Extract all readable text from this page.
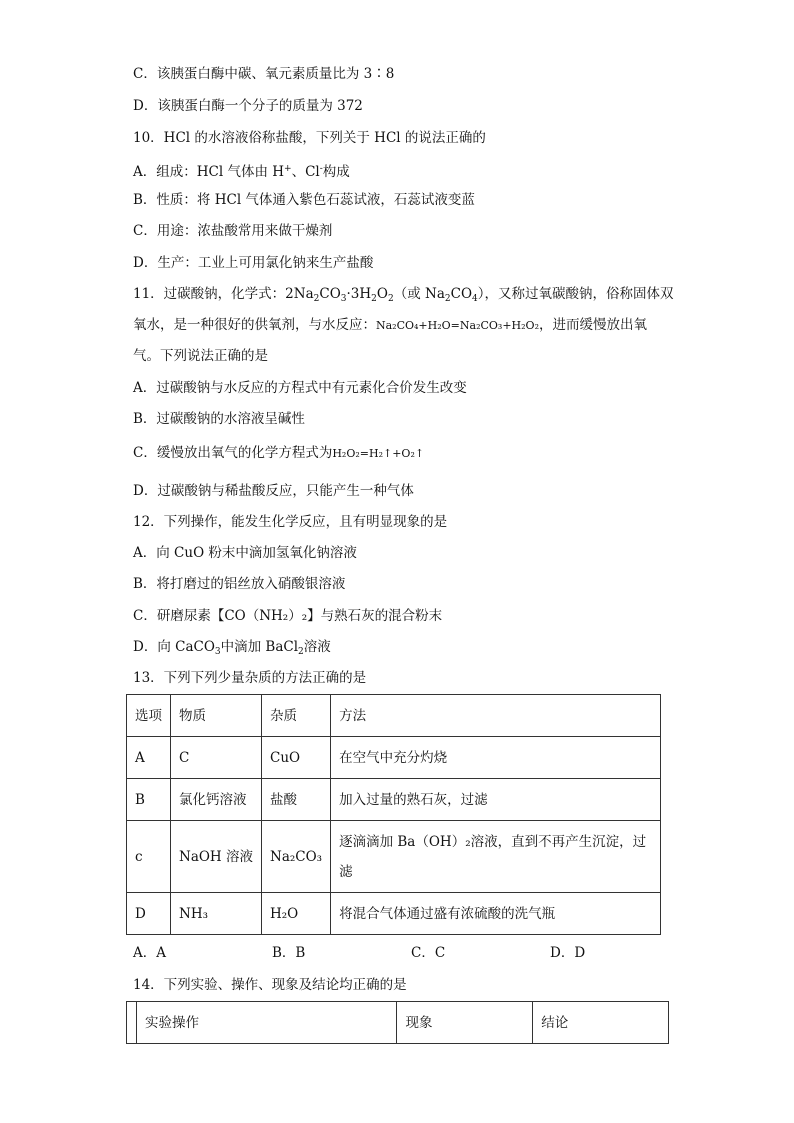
C．该胰蛋白酶中碳、氧元素质量比为 3∶8
D．该胰蛋白酶一个分子的质量为 372
10．HCl 的水溶液俗称盐酸，下列关于 HCl 的说法正确的
A．组成：HCl 气体由 H+、Cl-构成
B．性质：将 HCl 气体通入紫色石蕊试液，石蕊试液变蓝
C．用途：浓盐酸常用来做干燥剂
D．生产：工业上可用氯化钠来生产盐酸
11．过碳酸钠，化学式：$2Na_2CO_3\cdot 3H_2O_2$（或 $Na_2CO_4$），又称过氧碳酸钠，俗称固体双
氧水，是一种很好的供氧剂，与水反应：Na₂CO₄+H₂O=Na₂CO₃+H₂O₂，进而缓慢放出氧
气。下列说法正确的是
A．过碳酸钠与水反应的方程式中有元素化合价发生改变
B．过碳酸钠的水溶液呈碱性
C．缓慢放出氧气的化学方程式为H₂O₂=H₂↑+O₂↑
D．过碳酸钠与稀盐酸反应，只能产生一种气体
12．下列操作，能发生化学反应，且有明显现象的是
A．向 CuO 粉末中滴加氢氧化钠溶液
B．将打磨过的铝丝放入硝酸银溶液
C．研磨尿素【CO（NH₂）₂】与熟石灰的混合粉末
D．向 CaCO$_3$中滴加 BaCl$_2$溶液
13．下列下列少量杂质的方法正确的是
选项	物质	杂质	方法
A	C	CuO	在空气中充分灼烧
B	氯化钙溶液	盐酸	加入过量的熟石灰，过滤
c	NaOH 溶液	Na₂CO₃	逐滴滴加 Ba（OH）₂溶液，直到不再产生沉淀，过
滤

D	NH₃	H₂O	将混合气体通过盛有浓硫酸的洗气瓶
A．A	B．B	C．C	D．D
14．下列实验、操作、现象及结论均正确的是
	实验操作	现象	结论
